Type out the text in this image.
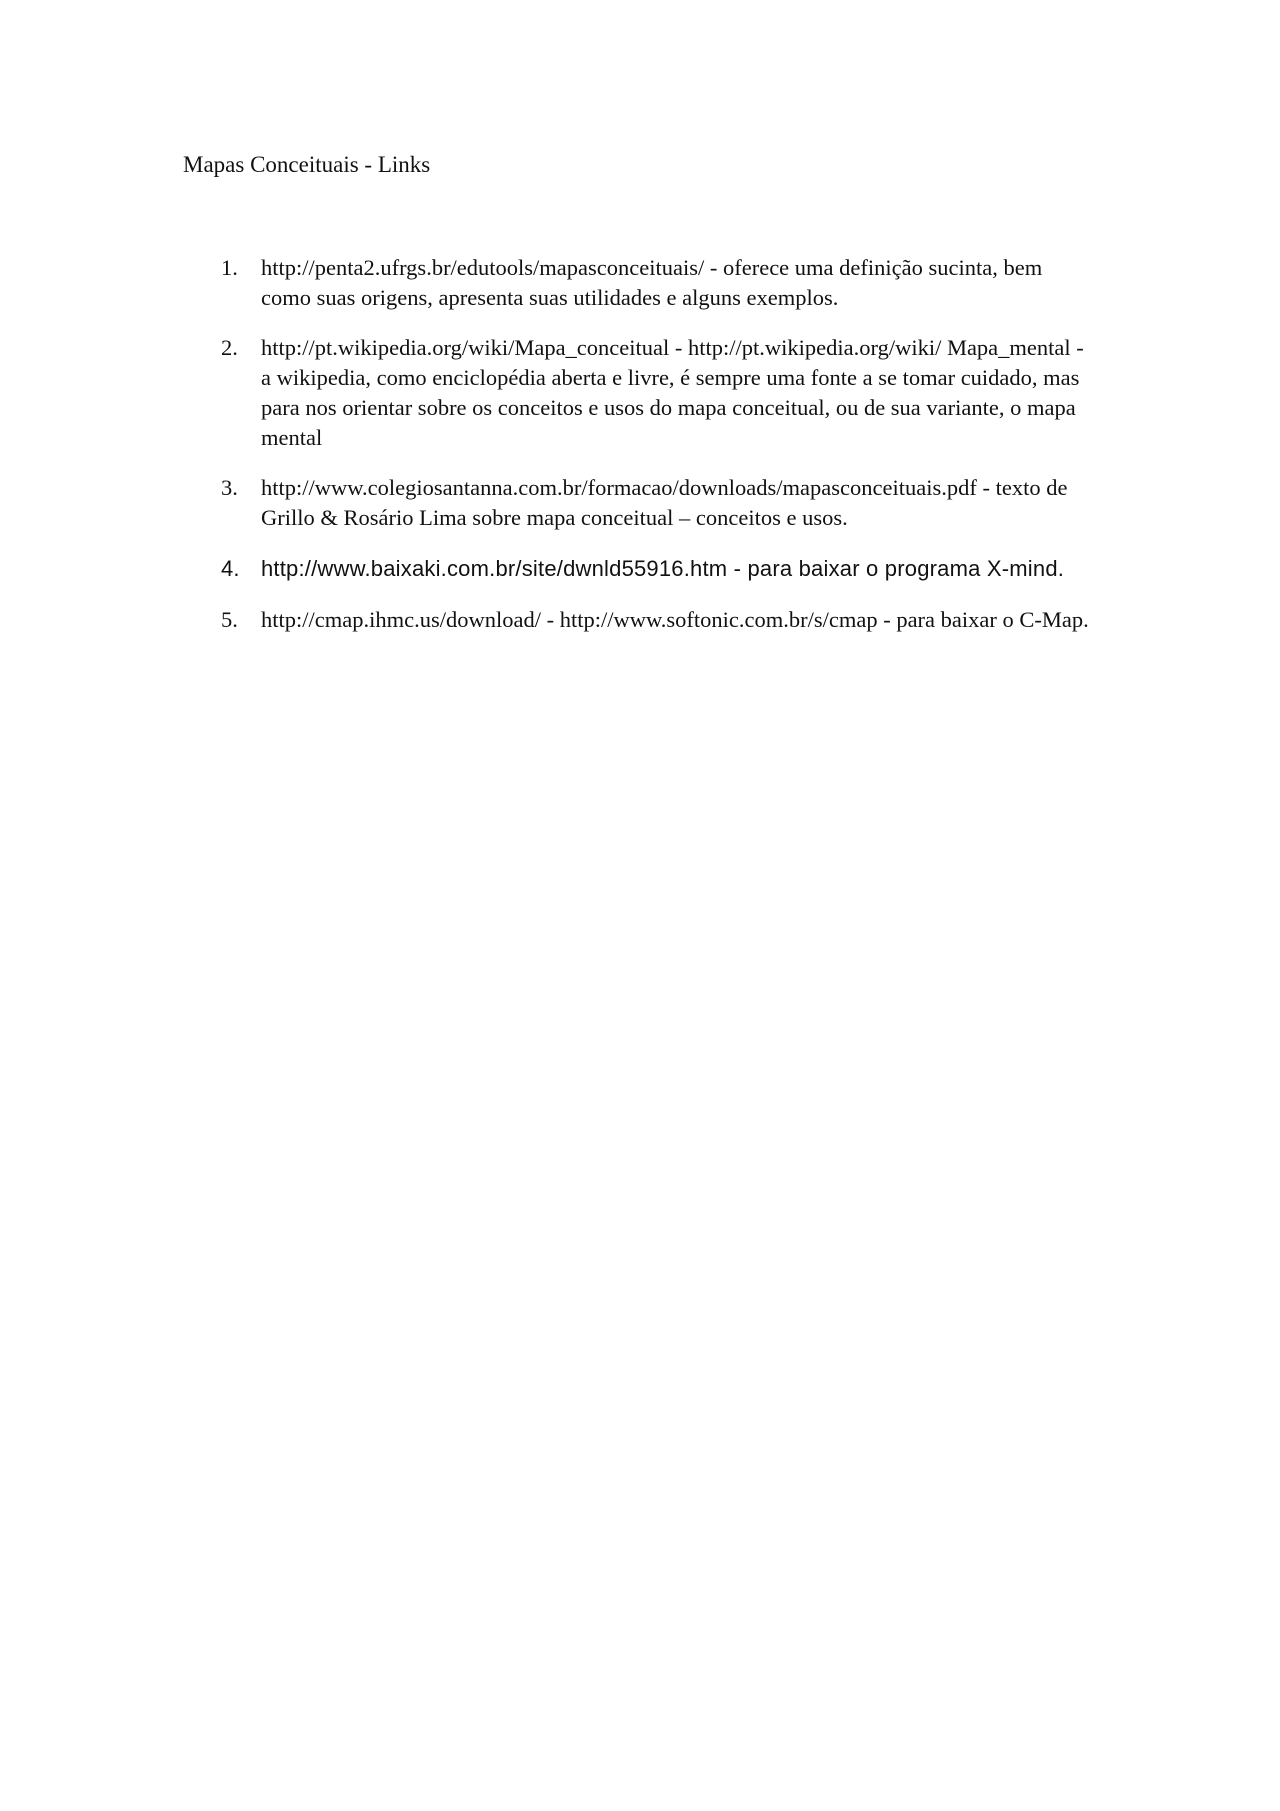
Mapas Conceituais - Links
1. http://penta2.ufrgs.br/edutools/mapasconceituais/ - oferece uma definição sucinta, bem como suas origens, apresenta suas utilidades e alguns exemplos.
2. http://pt.wikipedia.org/wiki/Mapa_conceitual - http://pt.wikipedia.org/wiki/ Mapa_mental - a wikipedia, como enciclopédia aberta e livre, é sempre uma fonte a se tomar cuidado, mas para nos orientar sobre os conceitos e usos do mapa conceitual, ou de sua variante, o mapa mental
3. http://www.colegiosantanna.com.br/formacao/downloads/mapasconceituais.pdf - texto de Grillo & Rosário Lima sobre mapa conceitual – conceitos e usos.
4. http://www.baixaki.com.br/site/dwnld55916.htm - para baixar o programa X-mind.
5. http://cmap.ihmc.us/download/ - http://www.softonic.com.br/s/cmap - para baixar o C-Map.
